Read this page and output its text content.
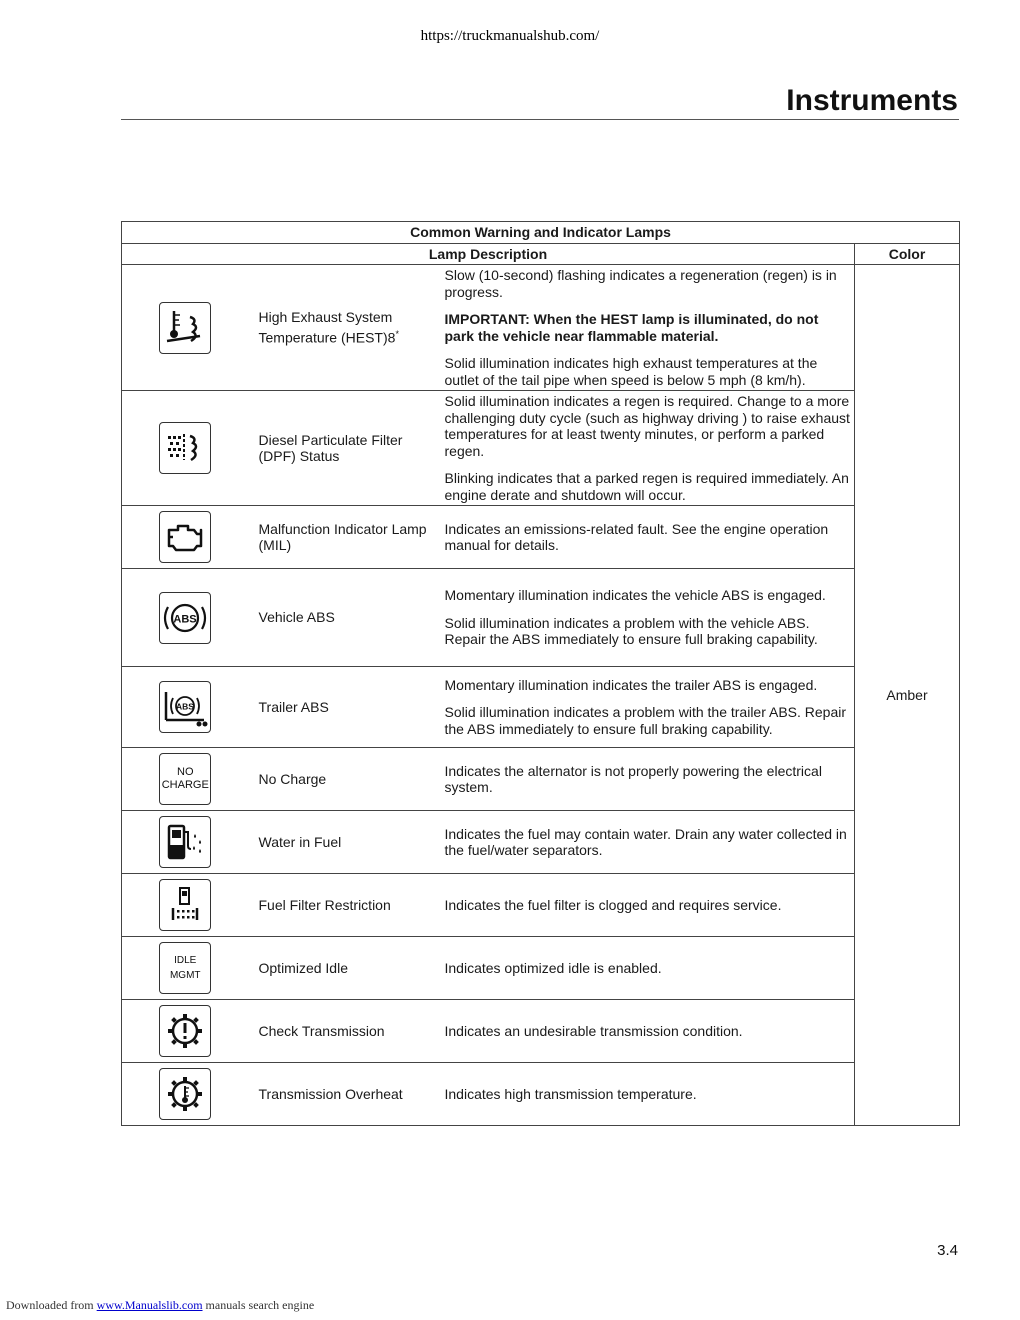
https://truckmanualshub.com/
Instruments
Common Warning and Indicator Lamps			
Lamp Description			Color

	High Exhaust System Temperature (HEST)8*	Slow (10-second) flashing indicates a regeneration (regen) is in progress.

IMPORTANT: When the HEST lamp is illuminated, do not park the vehicle near flammable material.

Solid illumination indicates high exhaust temperatures at the outlet of the tail pipe when speed is below 5 mph (8 km/h).	Amber

	Diesel Particulate Filter (DPF) Status	Solid illumination indicates a regen is required. Change to a more challenging duty cycle (such as highway driving ) to raise exhaust temperatures for at least twenty minutes, or perform a parked regen.

Blinking indicates that a parked regen is required immediately. An engine derate and shutdown will occur.	

	Malfunction Indicator Lamp (MIL)	Indicates an emissions-related fault. See the engine operation manual for details.	

ABS	Vehicle ABS	Momentary illumination indicates the vehicle ABS is engaged.

Solid illumination indicates a problem with the vehicle ABS. Repair the ABS immediately to ensure full braking capability.	

ABS	Trailer ABS	Momentary illumination indicates the trailer ABS is engaged.

Solid illumination indicates a problem with the trailer ABS. Repair the ABS immediately to ensure full braking capability.	

NO
CHARGE	No Charge	Indicates the alternator is not properly powering the electrical system.	

	Water in Fuel	Indicates the fuel may contain water. Drain any water collected in the fuel/water separators.	

	Fuel Filter Restriction	Indicates the fuel filter is clogged and requires service.	

IDLE
MGMT	Optimized Idle	Indicates optimized idle is enabled.	

	Check Transmission	Indicates an undesirable transmission condition.	

	Transmission Overheat	Indicates high transmission temperature.	

3.4
Downloaded from www.Manualslib.com manuals search engine
